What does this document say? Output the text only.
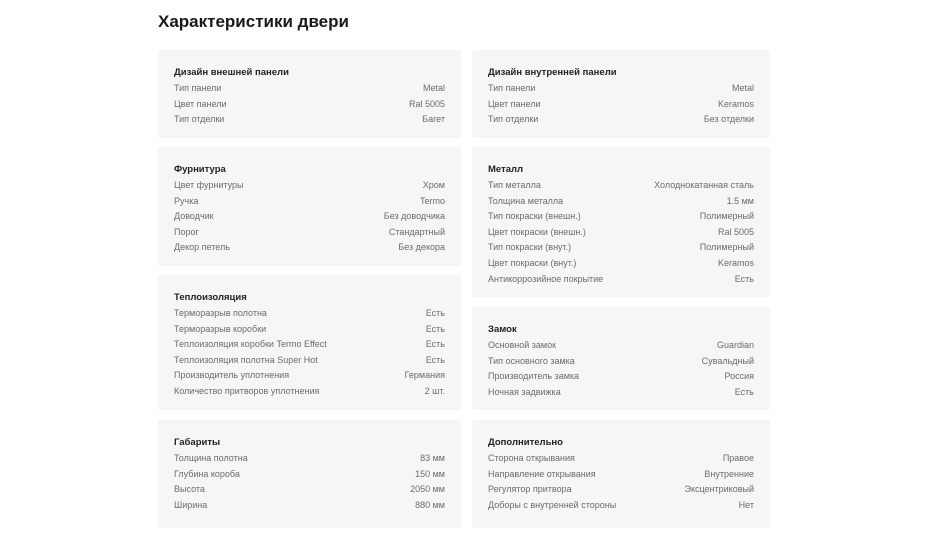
Характеристики двери
Дизайн внешней панели
Тип панели	Metal
Цвет панели	Ral 5005
Тип отделки	Багет
Дизайн внутренней панели
Тип панели	Metal
Цвет панели	Keramos
Тип отделки	Без отделки
Фурнитура
Цвет фурнитуры	Хром
Ручка	Termo
Доводчик	Без доводчика
Порог	Стандартный
Декор петель	Без декора
Металл
Тип металла	Холоднокатанная сталь
Толщина металла	1.5 мм
Тип покраски (внешн.)	Полимерный
Цвет покраски (внешн.)	Ral 5005
Тип покраски (внут.)	Полимерный
Цвет покраски (внут.)	Keramos
Антикоррозийное покрытие	Есть
Теплоизоляция
Терморазрыв полотна	Есть
Терморазрыв коробки	Есть
Теплоизоляция коробки Termo Effect	Есть
Теплоизоляция полотна Super Hot	Есть
Производитель уплотнения	Германия
Количество притворов уплотнения	2 шт.
Замок
Основной замок	Guardian
Тип основного замка	Сувальдный
Производитель замка	Россия
Ночная задвижка	Есть
Габариты
Толщина полотна	83 мм
Глубина короба	150 мм
Высота	2050 мм
Ширина	880 мм
Дополнительно
Сторона открывания	Правое
Направление открывания	Внутренние
Регулятор притвора	Эксцентриковый
Доборы с внутренней стороны	Нет
